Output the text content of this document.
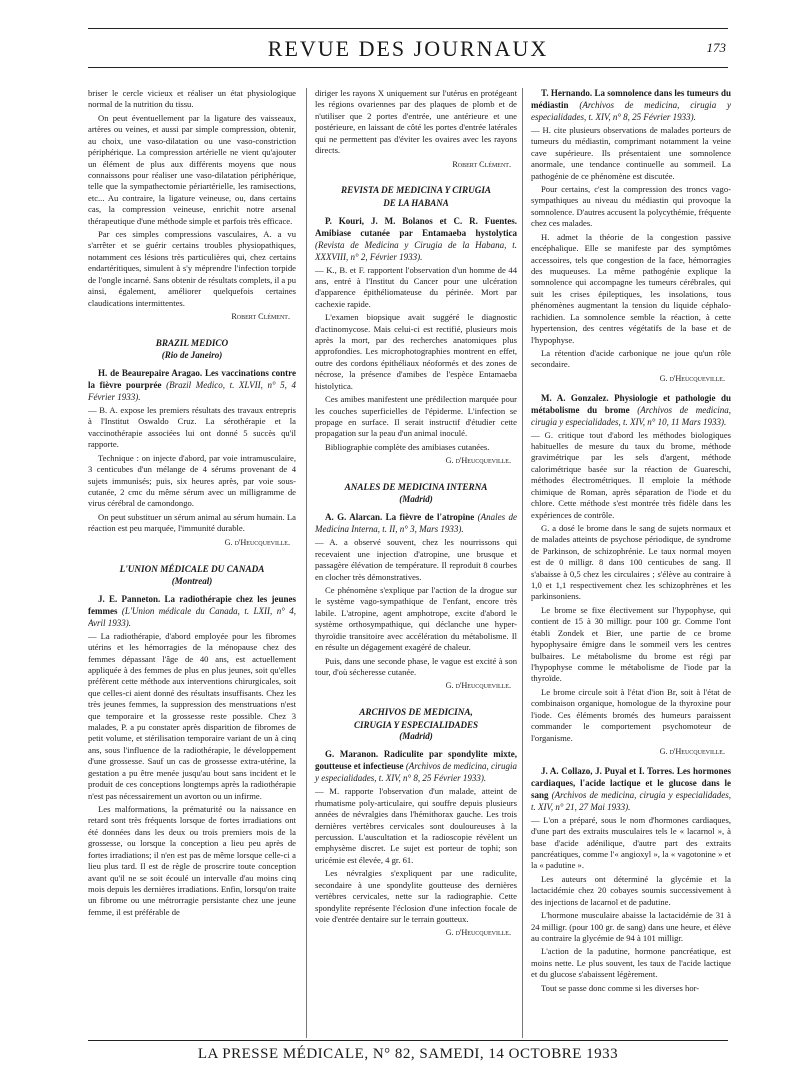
REVUE DES JOURNAUX	173

briser le cercle vicieux et réaliser un état physiologique normal de la nutrition du tissu.

On peut éventuellement par la ligature des vaisseaux, artères ou veines, et aussi par simple compression, obtenir, au choix, une vaso-dilatation ou une vaso-constriction périphérique. La compression artérielle ne vient qu'ajouter un élément de plus aux différents moyens que nous connaissons pour réaliser une vaso-dilatation périphérique, telle que la sympathectomie périartérielle, les ramisections, etc... Au contraire, la ligature veineuse, ou, dans certains cas, la compression veineuse, enrichit notre arsenal thérapeutique d'une méthode simple et parfois très efficace.

Par ces simples compressions vasculaires, A. a vu s'arrêter et se guérir certains troubles physiopathiques, notamment ces lésions très particulières qui, chez certains endartéritiques, simulent à s'y méprendre l'infection torpide de l'ongle incarné. Sans obtenir de résultats complets, il a pu ainsi, également, améliorer quelquefois certaines claudications intermittentes.

Robert Clément.
BRAZIL MEDICO
(Rio de Janeiro)
H. de Beaurepaire Aragao. Les vaccinations contre la fièvre pourprée (Brazil Medico, t. XLVII, n° 5, 4 Février 1933).

— B. A. expose les premiers résultats des travaux entrepris à l'Institut Oswaldo Cruz. La sérothérapie et la vaccinothérapie associées lui ont donné 5 succès qu'il rapporte.

Technique : on injecte d'abord, par voie intramusculaire, 3 centicubes d'un mélange de 4 sérums provenant de 4 sujets immunisés; puis, six heures après, par voie sous-cutanée, 2 cmc du même sérum avec un milligramme de virus cérébral de camondongo.

On peut substituer un sérum animal au sérum humain. La réaction est peu marquée, l'immunité durable.

G. d'Heucqueville.
L'UNION MÉDICALE DU CANADA
(Montreal)
J. E. Panneton. La radiothérapie chez les jeunes femmes (L'Union médicale du Canada, t. LXII, n° 4, Avril 1933).

— La radiothérapie, d'abord employée pour les fibromes utérins et les hémorragies de la ménopause chez des femmes dépassant l'âge de 40 ans, est actuellement appliquée à des femmes de plus en plus jeunes, soit qu'elles préfèrent cette méthode aux interventions chirurgicales, soit que celles-ci aient donné des résultats insuffisants. Chez les très jeunes femmes, la suppression des menstruations n'est que temporaire et la grossesse reste possible. Chez 3 malades, P. a pu constater après disparition de fibromes de petit volume, et stérilisation temporaire variant de un à cinq ans, sous l'influence de la radiothérapie, le développement d'une grossesse. Sauf un cas de grossesse extra-utérine, la gestation a pu être menée jusqu'au bout sans incident et le produit de ces conceptions longtemps après la radiothérapie n'est pas nécessairement un avorton ou un infirme.

Les malformations, la prématurité ou la naissance en retard sont très fréquents lorsque de fortes irradiations ont été données dans les deux ou trois premiers mois de la grossesse, ou lorsque la conception a lieu peu après de fortes irradiations; il n'en est pas de même lorsque celle-ci a lieu plus tard. Il est de règle de proscrire toute conception avant qu'il ne se soit écoulé un intervalle d'au moins cinq mois depuis les dernières irradiations. Enfin, lorsqu'on traite un fibrome ou une métrorragie persistante chez une jeune femme, il est préférable de

diriger les rayons X uniquement sur l'utérus en protégeant les régions ovariennes par des plaques de plomb et de n'utiliser que 2 portes d'entrée, une antérieure et une postérieure, en laissant de côté les portes d'entrée latérales qui ne permettent pas d'éviter les ovaires avec les rayons directs.

Robert Clément.
REVISTA DE MEDICINA Y CIRUGIA
DE LA HABANA
P. Kouri, J. M. Bolanos et C. R. Fuentes. Amibiase cutanée par Entamaeba hystolytica (Revista de Medicina y Cirugia de la Habana, t. XXXVIII, n° 2, Février 1933).

— K., B. et F. rapportent l'observation d'un homme de 44 ans, entré à l'Institut du Cancer pour une ulcération d'apparence épithéliomateuse du périnée. Mort par cachexie rapide.

L'examen biopsique avait suggéré le diagnostic d'actinomycose. Mais celui-ci est rectifié, plusieurs mois après la mort, par des recherches anatomiques plus approfondies. Les microphotographies montrent en effet, outre des cordons épithéliaux néoformés et des zones de nécrose, la présence d'amibes de l'espèce Entamaeba histolytica.

Ces amibes manifestent une prédilection marquée pour les couches superficielles de l'épiderme. L'infection se propage en surface. Il serait instructif d'étudier cette propagation sur la peau d'un animal inoculé.

Bibliographie complète des amibiases cutanées.

G. d'Heucqueville.
ANALES DE MEDICINA INTERNA
(Madrid)
A. G. Alarcan. La fièvre de l'atropine (Anales de Medicina Interna, t. II, n° 3, Mars 1933).

— A. a observé souvent, chez les nourrissons qui recevaient une injection d'atropine, une brusque et passagère élévation de température. Il reproduit 8 courbes en clocher très démonstratives.

Ce phénomène s'explique par l'action de la drogue sur le système vago-sympathique de l'enfant, encore très labile. L'atropine, agent amphotrope, excite d'abord le système orthosympathique, qui déclanche une hyper-thyroïdie transitoire avec accélération du métabolisme. Il en résulte un dégagement exagéré de chaleur.

Puis, dans une seconde phase, le vague est excité à son tour, d'où sécheresse cutanée.

G. d'Heucqueville.
ARCHIVOS DE MEDICINA,
CIRUGIA Y ESPECIALIDADES
(Madrid)
G. Maranon. Radiculite par spondylite mixte, goutteuse et infectieuse (Archivos de medicina, cirugia y especialidades, t. XIV, n° 8, 25 Février 1933).

— M. rapporte l'observation d'un malade, atteint de rhumatisme poly-articulaire, qui souffre depuis plusieurs années de névralgies dans l'hémithorax gauche. Les trois dernières vertèbres cervicales sont douloureuses à la percussion. L'auscultation et la radioscopie révèlent un emphysème discret. Le sujet est porteur de tophi; son uricémie est élevée, 4 gr. 61.

Les névralgies s'expliquent par une radiculite, secondaire à une spondylite goutteuse des dernières vertèbres cervicales, nette sur la radiographie. Cette spondylite représente l'éclosion d'une infection focale de voie d'entrée dentaire sur le terrain goutteux.

G. d'Heucqueville.
T. Hernando. La somnolence dans les tumeurs du médiastin (Archivos de medicina, cirugia y especialidades, t. XIV, n° 8, 25 Février 1933).

— H. cite plusieurs observations de malades porteurs de tumeurs du médiastin, comprimant notamment la veine cave supérieure. Ils présentaient une somnolence anormale, une tendance continuelle au sommeil. La pathogénie de ce phénomène est discutée.

Pour certains, c'est la compression des troncs vago-sympathiques au niveau du médiastin qui provoque la somnolence. D'autres accusent la polycythémie, fréquente chez ces malades.

H. admet la théorie de la congestion passive encéphalique. Elle se manifeste par des symptômes accessoires, tels que congestion de la face, hémorragies des muqueuses. La même pathogénie explique la somnolence qui accompagne les tumeurs cérébrales, qui suit les crises épileptiques, les insolations, tous phénomènes augmentant la tension du liquide céphalo-rachidien. La somnolence semble la réaction, à cette hypertension, des centres végétatifs de la base et de l'hypophyse.

La rétention d'acide carbonique ne joue qu'un rôle secondaire.

G. d'Heucqueville.
M. A. Gonzalez. Physiologie et pathologie du métabolisme du brome (Archivos de medicina, cirugia y especialidades, t. XIV, n° 10, 11 Mars 1933).

— G. critique tout d'abord les méthodes biologiques habituelles de mesure du taux du brome, méthode gravimétrique par les sels d'argent, méthode calorimétrique basée sur la réaction de Guareschi, méthodes électrométriques. Il emploie la méthode chimique de Roman, après séparation de l'iode et du chlore. Cette méthode s'est montrée très fidèle dans les expériences de contrôle.

G. a dosé le brome dans le sang de sujets normaux et de malades atteints de psychose périodique, de syndrome de Parkinson, de schizophrénie. Le taux normal moyen est de 0 milligr. 8 dans 100 centicubes de sang. Il s'abaisse à 0,5 chez les circulaires ; s'élève au contraire à 1,0 et 1,1 respectivement chez les schizophrènes et les parkinsoniens.

Le brome se fixe électivement sur l'hypophyse, qui contient de 15 à 30 milligr. pour 100 gr. Comme l'ont établi Zondek et Bier, une partie de ce brome hypophysaire émigre dans le sommeil vers les centres bulbaires. Le métabolisme du brome est régi par l'hypophyse comme le métabolisme de l'iode par la thyroïde.

Le brome circule soit à l'état d'ion Br, soit à l'état de combinaison organique, homologue de la thyroxine pour l'iode. Ces éléments bromés des humeurs paraissent commander le comportement psychomoteur de l'organisme.

G. d'Heucqueville.
J. A. Collazo, J. Puyal et I. Torres. Les hormones cardiaques, l'acide lactique et le glucose dans le sang (Archivos de medicina, cirugia y especialidades, t. XIV, n° 21, 27 Mai 1933).

— L'on a préparé, sous le nom d'hormones cardiaques, d'une part des extraits musculaires tels le « lacarnol », à base d'acide adénilique, d'autre part des extraits pancréatiques, comme l'« angioxyl », la « vagotonine » et la « padutine ».

Les auteurs ont déterminé la glycémie et la lactacidémie chez 20 cobayes soumis successivement à des injections de lacarnol et de padutine.

L'hormone musculaire abaisse la lactacidémie de 31 à 24 milligr. (pour 100 gr. de sang) dans une heure, et élève au contraire la glycémie de 94 à 101 milligr.

L'action de la padutine, hormone pancréatique, est moins nette. Le plus souvent, les taux de l'acide lactique et du glucose s'abaissent légèrement.

Tout se passe donc comme si les diverses hor-

LA PRESSE MÉDICALE, N° 82, SAMEDI, 14 OCTOBRE 1933
